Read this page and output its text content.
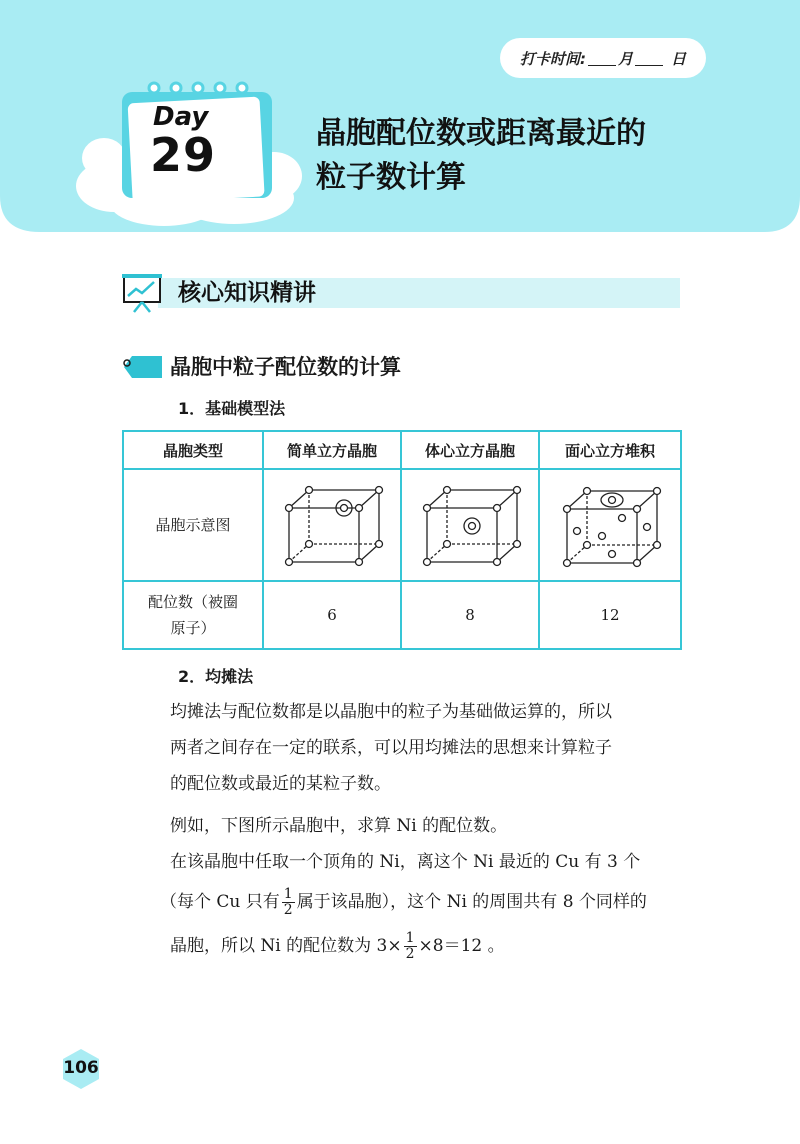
打卡时间: 月	日
Day
29	晶胞配位数或距离最近的
粒子数计算
核心知识精讲
晶胞中粒子配位数的计算
1．基础模型法
晶胞类型	简单立方晶胞	体心立方晶胞	面心立方堆积
晶胞示意图			

配位数（被圈
原子）	6	8	12
2．均摊法
均摊法与配位数都是以晶胞中的粒子为基础做运算的，所以
两者之间存在一定的联系，可以用均摊法的思想来计算粒子
的配位数或最近的某粒子数。
例如，下图所示晶胞中，求算 Ni 的配位数。
在该晶胞中任取一个顶角的 Ni，离这个 Ni 最近的 Cu 有 3 个
（每个 Cu 只有 $\frac{1}{2}$ 属于该晶胞），这个 Ni 的周围共有 8 个同样的
晶胞，所以 Ni 的配位数为 $3\times \frac{1}{2} \times 8=12$ 。
106
